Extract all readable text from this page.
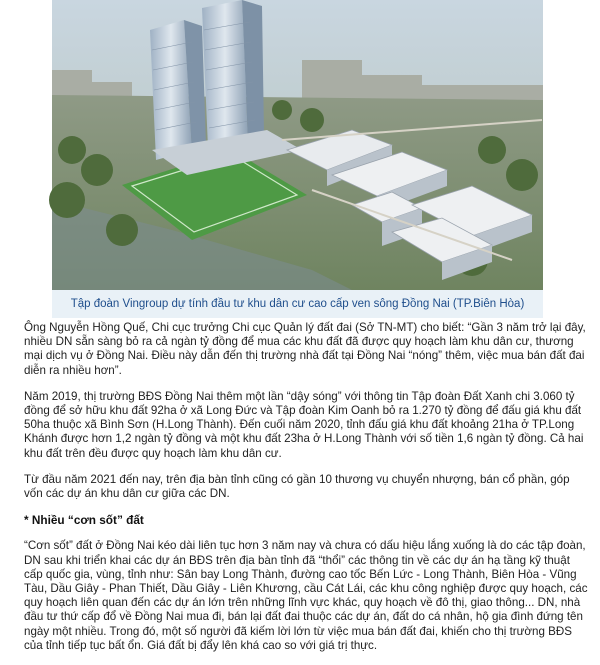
Tập đoàn Vingroup dự tính đầu tư khu dân cư cao cấp ven sông Đồng Nai (TP.Biên Hòa)

Ông Nguyễn Hồng Quế, Chi cục trưởng Chi cục Quản lý đất đai (Sở TN-MT) cho biết: “Gần 3 năm trở lại đây, nhiều DN sẵn sàng bỏ ra cả ngàn tỷ đồng để mua các khu đất đã được quy hoạch làm khu dân cư, thương mại dịch vụ ở Đồng Nai. Điều này dẫn đến thị trường nhà đất tại Đồng Nai “nóng” thêm, việc mua bán đất đai diễn ra nhiều hơn”.

Năm 2019, thị trường BĐS Đồng Nai thêm một lần “dậy sóng” với thông tin Tập đoàn Đất Xanh chi 3.060 tỷ đồng để sở hữu khu đất 92ha ở xã Long Đức và Tập đoàn Kim Oanh bỏ ra 1.270 tỷ đồng để đấu giá khu đất 50ha thuộc xã Bình Sơn (H.Long Thành). Đến cuối năm 2020, tỉnh đấu giá khu đất khoảng 21ha ở TP.Long Khánh được hơn 1,2 ngàn tỷ đồng và một khu đất 23ha ở H.Long Thành với số tiền 1,6 ngàn tỷ đồng. Cả hai khu đất trên đều được quy hoạch làm khu dân cư.

Từ đầu năm 2021 đến nay, trên địa bàn tỉnh cũng có gần 10 thương vụ chuyển nhượng, bán cổ phần, góp vốn các dự án khu dân cư giữa các DN.

* Nhiều “cơn sốt” đất

“Cơn sốt” đất ở Đồng Nai kéo dài liên tục hơn 3 năm nay và chưa có dấu hiệu lắng xuống là do các tập đoàn, DN sau khi triển khai các dự án BĐS trên địa bàn tỉnh đã “thổi” các thông tin về các dự án hạ tầng kỹ thuật cấp quốc gia, vùng, tỉnh như: Sân bay Long Thành, đường cao tốc Bến Lức - Long Thành, Biên Hòa - Vũng Tàu, Dầu Giây - Phan Thiết, Dầu Giây - Liên Khương, cầu Cát Lái, các khu công nghiệp được quy hoạch, các quy hoạch liên quan đến các dự án lớn trên những lĩnh vực khác, quy hoạch về đô thị, giao thông... DN, nhà đầu tư thứ cấp đổ về Đồng Nai mua đi, bán lại đất đai thuộc các dự án, đất do cá nhân, hộ gia đình đứng tên ngày một nhiều. Trong đó, một số người đã kiếm lời lớn từ việc mua bán đất đai, khiến cho thị trường BĐS của tỉnh tiếp tục bất ổn. Giá đất bị đẩy lên khá cao so với giá trị thực.
